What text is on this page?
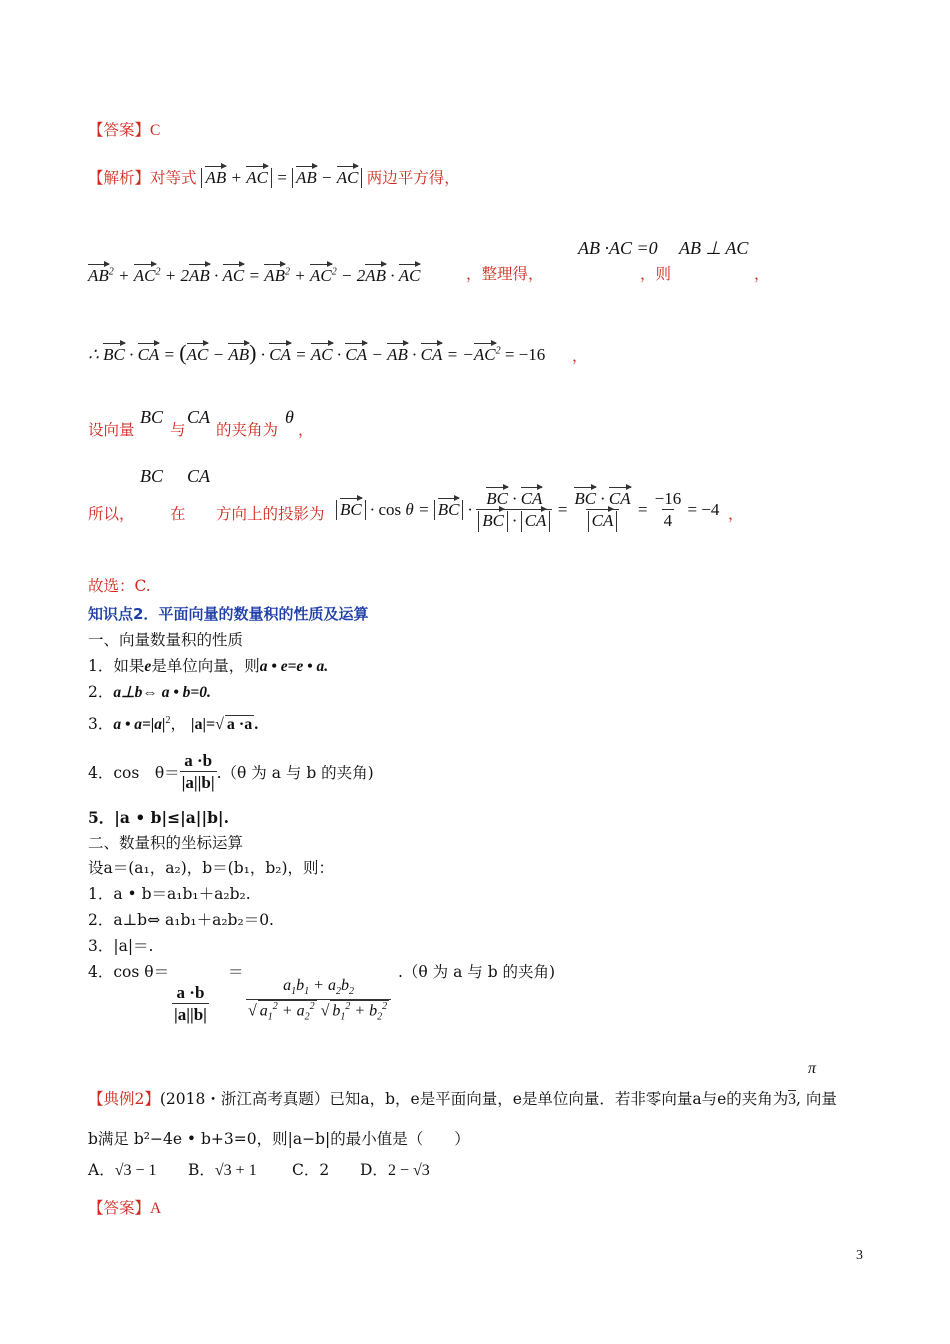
【答案】C
【解析】对等式 AB + AC = AB − AC 两边平方得，
AB ·AC =0 AB ⊥ AC
$AB^2 + AC^2 + 2AB$ · AC = $AB^2 + AC^2 - 2AB$ · AC	，整理得，	，则	，
∴ BC · CA = (AC − AB) · CA = AC · CA − AB · CA = $-AC^2 = -16$ ，
设向量
BC
与
CA
的夹角为
θ
，
BC CA
所以， 在 方向上的投影为 BC · cos θ = BC · $\frac{BC \cdot CA}{BC \cdot CA} = \frac{BC \cdot CA}{CA} = \frac{-16}{4}$
= −4 ，
故选：C.
知识点2．平面向量的数量积的性质及运算
一、向量数量积的性质
1．如果e是单位向量，则a • e=e • a.
2．a⊥b⇔ a • b=0.
3．a • $a=|a|^2$， |a|=√ a ·a .
4．cos　$\theta= \frac{a \cdot b}{|a||b|} .(\theta$ 为 a 与 b 的夹角)
5．|a • b|≤|a||b|.
二、数量积的坐标运算
设a＝(a₁，a₂)，b＝(b₁，b₂)，则：
1．a • b＝a₁b₁＋a₂b₂.
2．a⊥b⇔ a₁b₁＋a₂b₂＝0.
3．|a|＝.
4．cos θ＝	＝	.（θ 为 a 与 b 的夹角)
$\frac{a \cdot b}{|a||b|} \frac{a_1b_1 + a_2b_2}{√ a_1^2 + a_2^2 √ b_1^2 + b_2^2}$
π
【典例2】(2018・浙江高考真题）已知a，b，e是平面向量，e是单位向量．若非零向量a与e的夹角为3, 向量
b满足 b²−4e • b+3=0，则|a−b|的最小值是（　　）
A．√3 − 1 B．√3 + 1 C．2 D．2 − √3
【答案】A
3
